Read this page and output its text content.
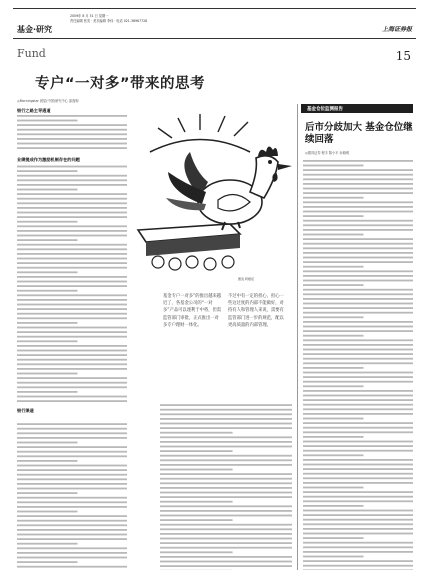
基金·研究
2009年 8 月 31 日 星期一
责任编辑 张奕 · 美术编辑 李伟 · 电话 021-38967728
上海证券报
Fund	15
专户“一对多”带来的思考
◎Morningstar 晨星(中国)研究中心 邵逸驹
银行之路主导通道
业绩提成作为激励机制存在的问题
银行渠道
图表 阿根廷
基金专户一对多”的推出越来越近了，各基金公司的“一对多”产品可以逐利于中将，但需监管部门审批，正式推出一对多专户理财一体化。
不过中有一定的担心，担心一些这过度的内部不能做好，对持有人和管理人来说，需要有监管部门进一步的规范，配以更高质量的内部管理。
基金仓位监测报告
后市分歧加大 基金仓位继续回落
◎德邦证券 程丰 陈小平 孙晓明
